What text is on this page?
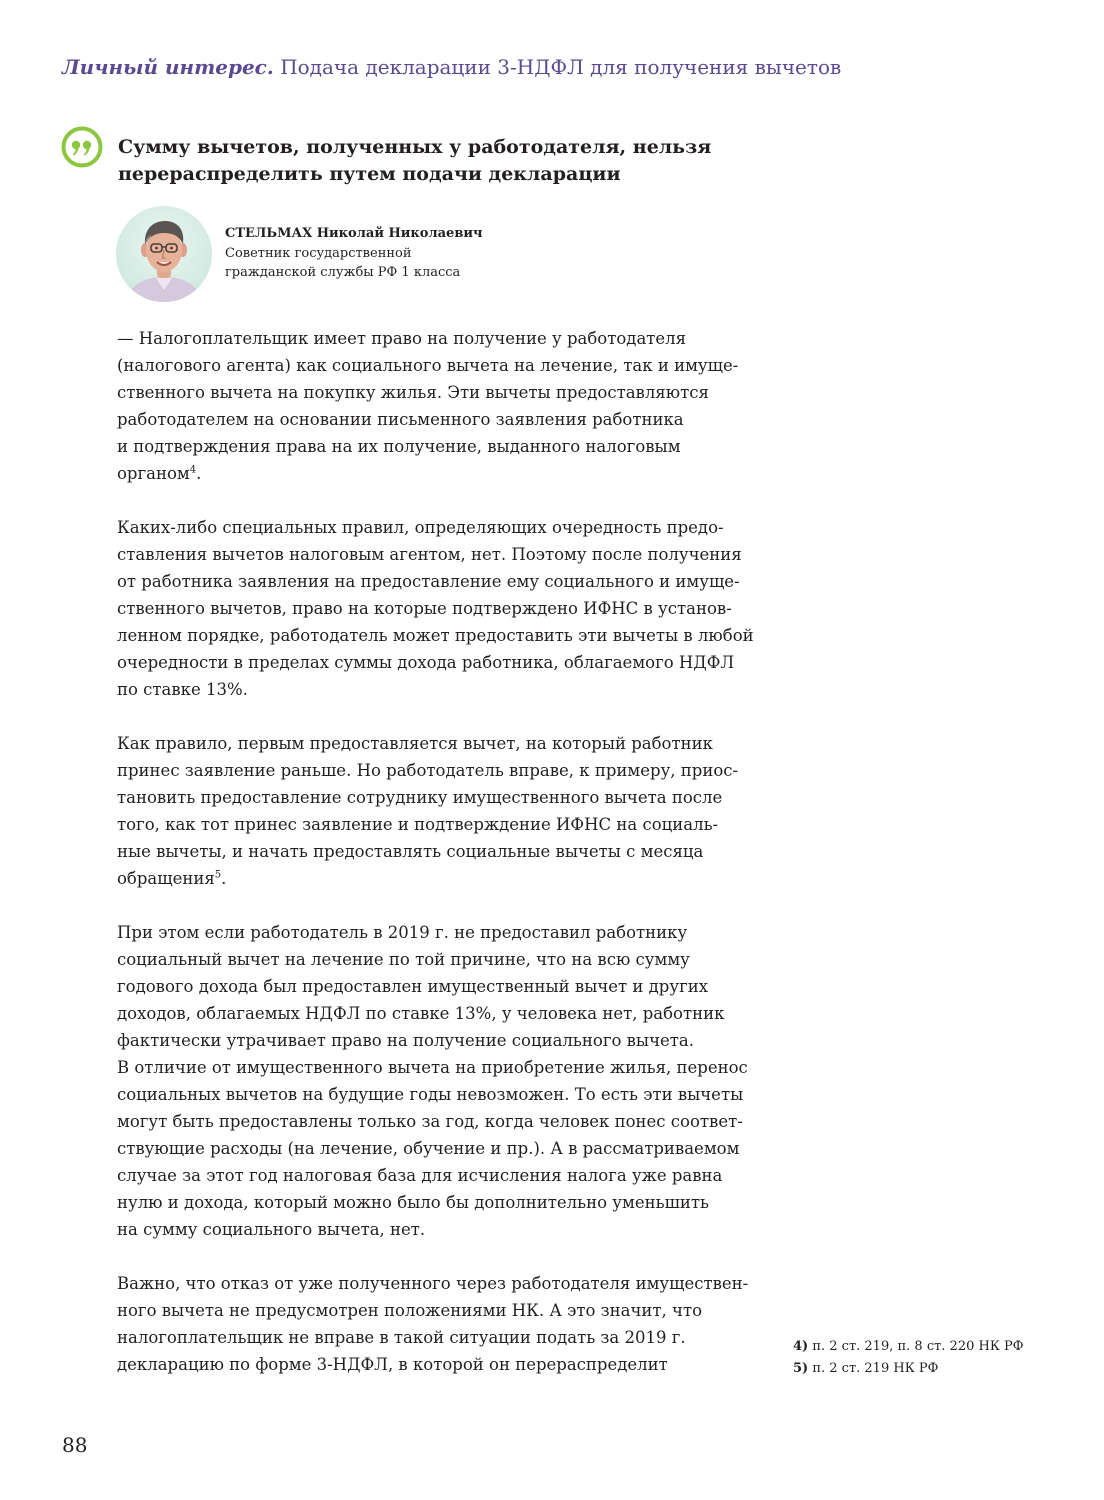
Личный интерес. Подача декларации 3-НДФЛ для получения вычетов
Сумму вычетов, полученных у работодателя, нельзя
перераспределить путем подачи декларации
СТЕЛЬМАХ Николай Николаевич
Советник государственной
гражданской службы РФ 1 класса
— Налогоплательщик имеет право на получение у работодателя
(налогового агента) как социального вычета на лечение, так и имуще-
ственного вычета на покупку жилья. Эти вычеты предоставляются
работодателем на основании письменного заявления работника
и подтверждения права на их получение, выданного налоговым
органом$^4$.
Каких-либо специальных правил, определяющих очередность предо-
ставления вычетов налоговым агентом, нет. Поэтому после получения
от работника заявления на предоставление ему социального и имуще-
ственного вычетов, право на которые подтверждено ИФНС в установ-
ленном порядке, работодатель может предоставить эти вычеты в любой
очередности в пределах суммы дохода работника, облагаемого НДФЛ
по ставке 13%.
Как правило, первым предоставляется вычет, на который работник
принес заявление раньше. Но работодатель вправе, к примеру, приос-
тановить предоставление сотруднику имущественного вычета после
того, как тот принес заявление и подтверждение ИФНС на социаль-
ные вычеты, и начать предоставлять социальные вычеты с месяца
обращения$^5$.
При этом если работодатель в 2019 г. не предоставил работнику
социальный вычет на лечение по той причине, что на всю сумму
годового дохода был предоставлен имущественный вычет и других
доходов, облагаемых НДФЛ по ставке 13%, у человека нет, работник
фактически утрачивает право на получение социального вычета.
В отличие от имущественного вычета на приобретение жилья, перенос
социальных вычетов на будущие годы невозможен. То есть эти вычеты
могут быть предоставлены только за год, когда человек понес соответ-
ствующие расходы (на лечение, обучение и пр.). А в рассматриваемом
случае за этот год налоговая база для исчисления налога уже равна
нулю и дохода, который можно было бы дополнительно уменьшить
на сумму социального вычета, нет.
Важно, что отказ от уже полученного через работодателя имуществен-
ного вычета не предусмотрен положениями НК. А это значит, что
налогоплательщик не вправе в такой ситуации подать за 2019 г.
декларацию по форме 3-НДФЛ, в которой он перераспределит
4) п. 2 ст. 219, п. 8 ст. 220 НК РФ
5) п. 2 ст. 219 НК РФ
88
